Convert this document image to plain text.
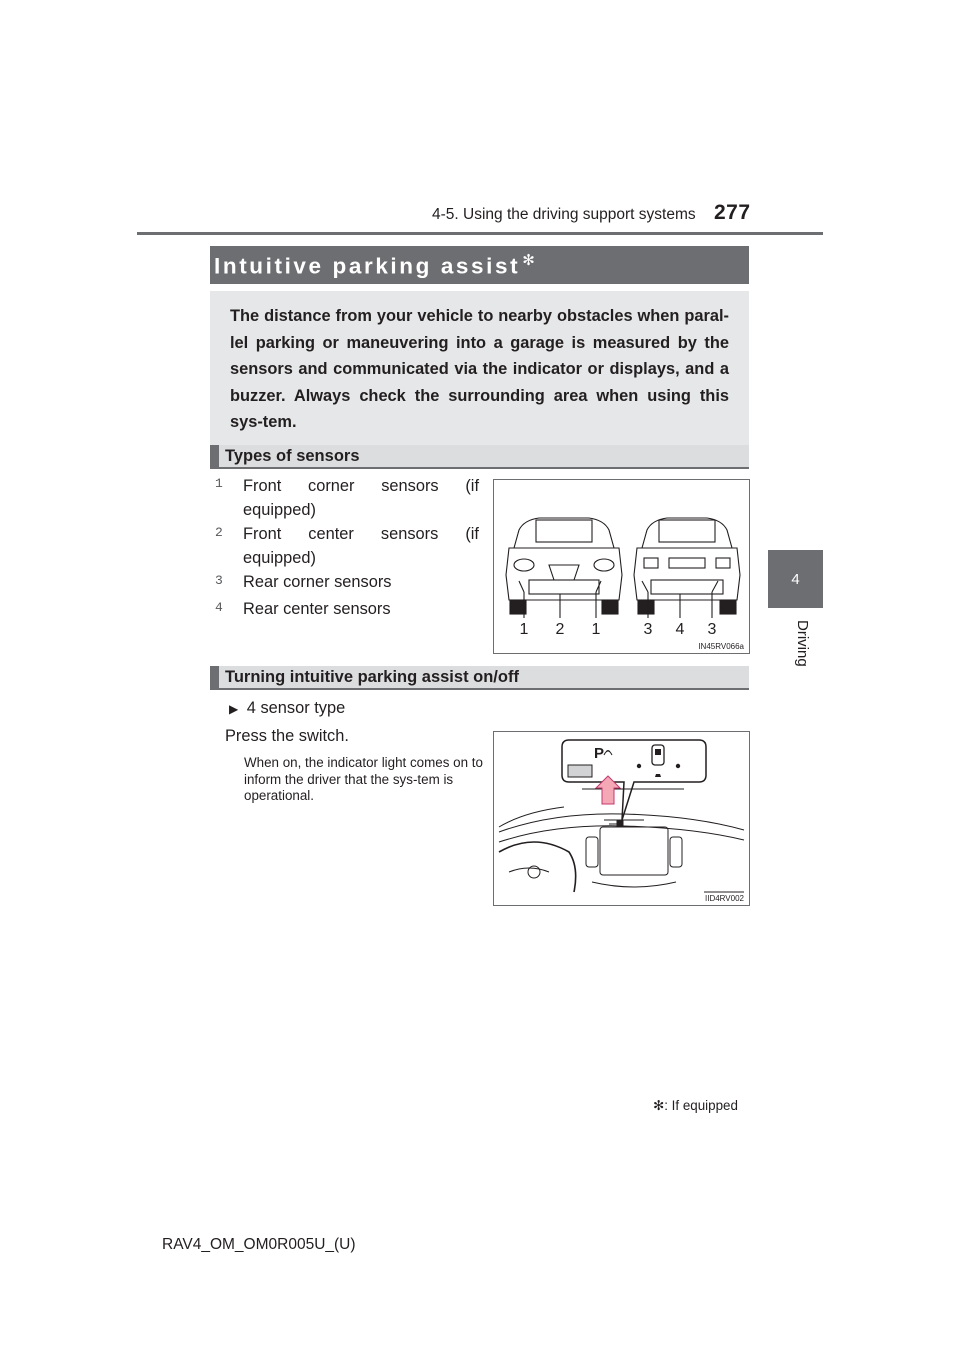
4-5. Using the driving support systems 277
4
Driving
Intuitive parking assist ✻
The distance from your vehicle to nearby obstacles when paral-lel parking or maneuvering into a garage is measured by the sensors and communicated via the indicator or displays, and a buzzer. Always check the surrounding area when using this sys-tem.
Types of sensors
1 Front corner sensors (if
equipped)
2 Front center sensors (if
equipped)
3 Rear corner sensors
4 Rear center sensors
1 2 1	3 4 3
IN45RV066a
Turning intuitive parking assist on/off
▶ 4 sensor type
Press the switch.
When on, the indicator light comes on to inform the driver that the sys-tem is operational.
P
IID4RV002
✻: If equipped
RAV4_OM_OM0R005U_(U)
